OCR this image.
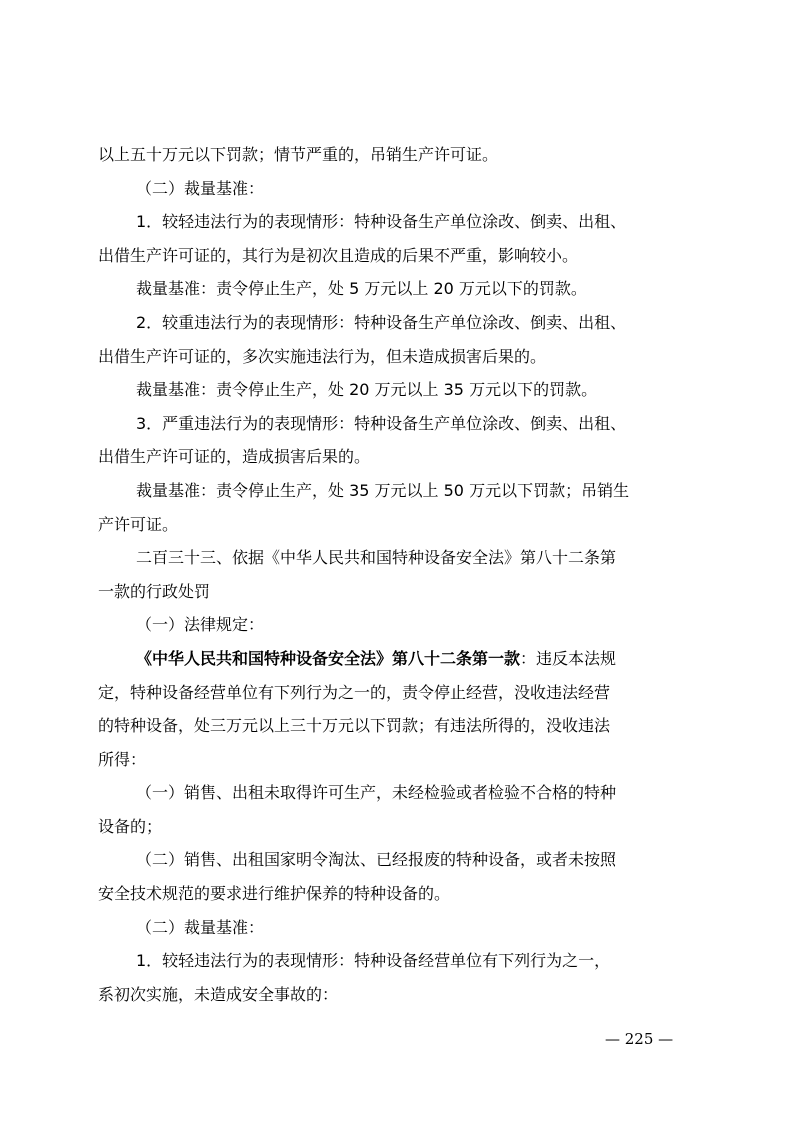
以上五十万元以下罚款；情节严重的，吊销生产许可证。
（二）裁量基准：
1．较轻违法行为的表现情形：特种设备生产单位涂改、倒卖、出租、
出借生产许可证的，其行为是初次且造成的后果不严重，影响较小。
裁量基准：责令停止生产，处 5 万元以上 20 万元以下的罚款。
2．较重违法行为的表现情形：特种设备生产单位涂改、倒卖、出租、
出借生产许可证的，多次实施违法行为，但未造成损害后果的。
裁量基准：责令停止生产，处 20 万元以上 35 万元以下的罚款。
3．严重违法行为的表现情形：特种设备生产单位涂改、倒卖、出租、
出借生产许可证的，造成损害后果的。
裁量基准：责令停止生产，处 35 万元以上 50 万元以下罚款；吊销生
产许可证。
二百三十三、依据《中华人民共和国特种设备安全法》第八十二条第
一款的行政处罚
（一）法律规定：
《中华人民共和国特种设备安全法》第八十二条第一款：违反本法规
定，特种设备经营单位有下列行为之一的，责令停止经营，没收违法经营
的特种设备，处三万元以上三十万元以下罚款；有违法所得的，没收违法
所得：
（一）销售、出租未取得许可生产，未经检验或者检验不合格的特种
设备的；
（二）销售、出租国家明令淘汰、已经报废的特种设备，或者未按照
安全技术规范的要求进行维护保养的特种设备的。
（二）裁量基准：
1．较轻违法行为的表现情形：特种设备经营单位有下列行为之一，
系初次实施，未造成安全事故的：
— 225 —
